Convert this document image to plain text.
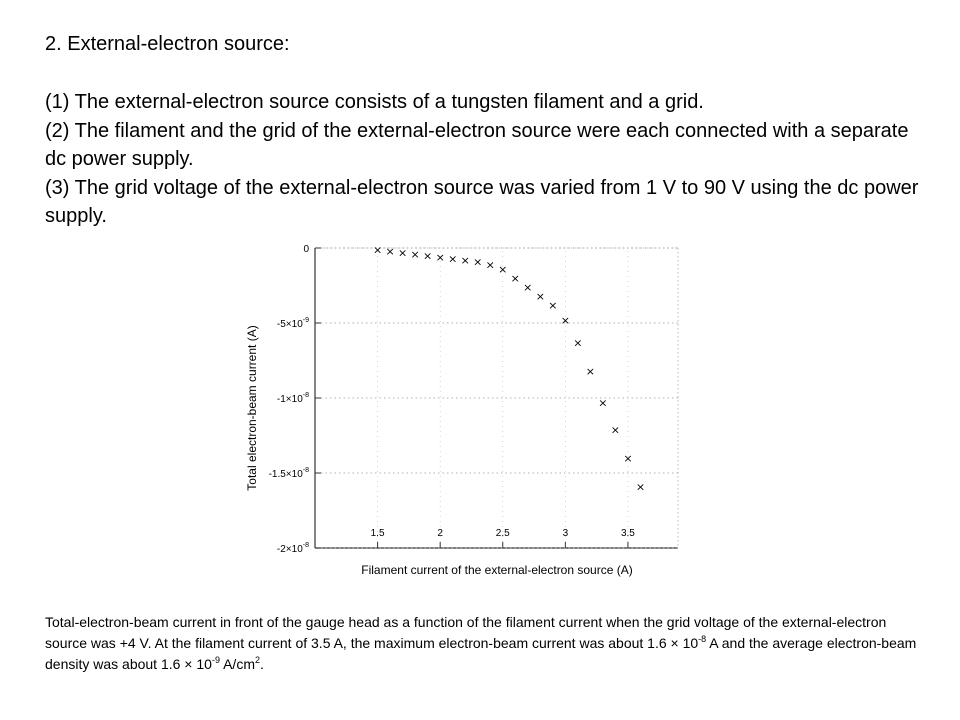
2. External-electron source:

(1) The external-electron source consists of a tungsten filament and a grid.

(2) The filament and the grid of the external-electron source were each connected with a separate dc power supply.

(3) The grid voltage of the external-electron source was varied from 1 V to 90 V using the dc power supply.

0
$-5\times 10^{-9}$
$-1\times 10^{-8}$
$-1.5\times 10^{-8}$
$-2\times 10^{-8}$
1.5	2	2.5	3	3.5
× × × × × × × × × × ×
×
×
×
×
×
×
×
×
×
×
×
Filament current of the external-electron source (A)
Total electron-beam current (A)

Total-electron-beam current in front of the gauge head as a function of the filament current when the grid voltage of the external-electron source was +4 V. At the filament current of 3.5 A, the maximum electron-beam current was about $1.6 \times 10^{-8}$ A and the average electron-beam density was about $1.6 \times 10^{-9}$ $A/cm^2$.
